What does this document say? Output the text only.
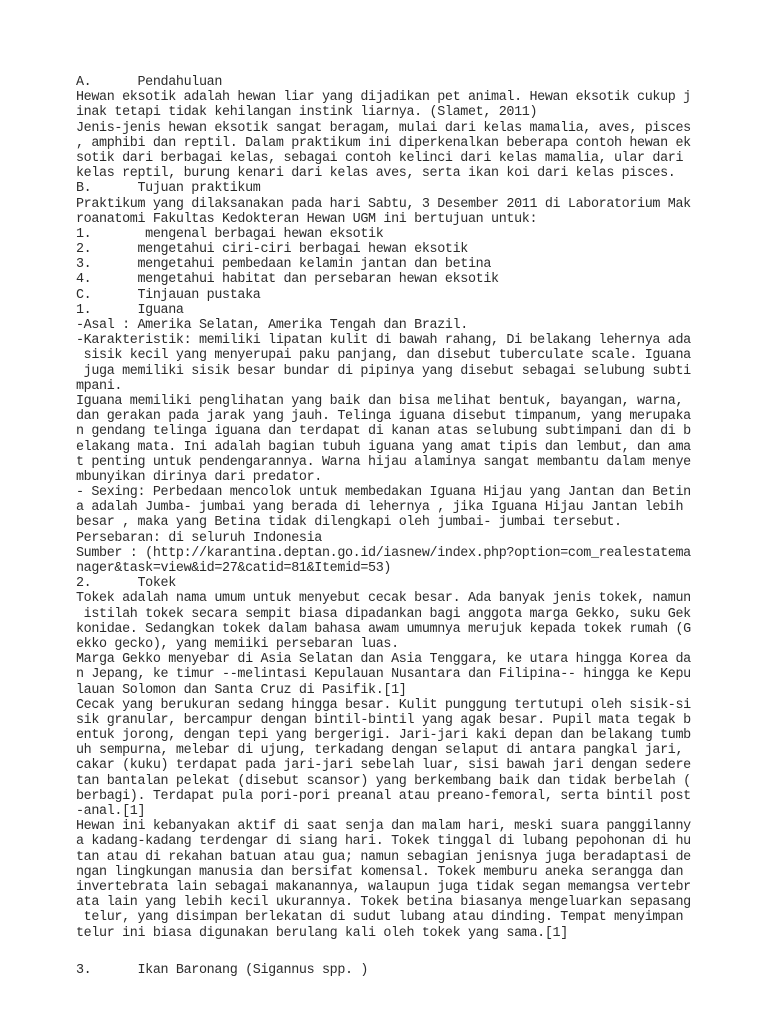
A.      Pendahuluan
Hewan eksotik adalah hewan liar yang dijadikan pet animal. Hewan eksotik cukup j
inak tetapi tidak kehilangan instink liarnya. (Slamet, 2011)
Jenis-jenis hewan eksotik sangat beragam, mulai dari kelas mamalia, aves, pisces
, amphibi dan reptil. Dalam praktikum ini diperkenalkan beberapa contoh hewan ek
sotik dari berbagai kelas, sebagai contoh kelinci dari kelas mamalia, ular dari
kelas reptil, burung kenari dari kelas aves, serta ikan koi dari kelas pisces.
B.      Tujuan praktikum
Praktikum yang dilaksanakan pada hari Sabtu, 3 Desember 2011 di Laboratorium Mak
roanatomi Fakultas Kedokteran Hewan UGM ini bertujuan untuk:
1.       mengenal berbagai hewan eksotik
2.      mengetahui ciri-ciri berbagai hewan eksotik
3.      mengetahui pembedaan kelamin jantan dan betina
4.      mengetahui habitat dan persebaran hewan eksotik
C.      Tinjauan pustaka
1.      Iguana
-Asal : Amerika Selatan, Amerika Tengah dan Brazil.
-Karakteristik: memiliki lipatan kulit di bawah rahang, Di belakang lehernya ada
sisik kecil yang menyerupai paku panjang, dan disebut tuberculate scale. Iguana
juga memiliki sisik besar bundar di pipinya yang disebut sebagai selubung subti
mpani.
Iguana memiliki penglihatan yang baik dan bisa melihat bentuk, bayangan, warna,
dan gerakan pada jarak yang jauh. Telinga iguana disebut timpanum, yang merupaka
n gendang telinga iguana dan terdapat di kanan atas selubung subtimpani dan di b
elakang mata. Ini adalah bagian tubuh iguana yang amat tipis dan lembut, dan ama
t penting untuk pendengarannya. Warna hijau alaminya sangat membantu dalam menye
mbunyikan dirinya dari predator.
- Sexing: Perbedaan mencolok untuk membedakan Iguana Hijau yang Jantan dan Betin
a adalah Jumba- jumbai yang berada di lehernya , jika Iguana Hijau Jantan lebih
besar , maka yang Betina tidak dilengkapi oleh jumbai- jumbai tersebut.
Persebaran: di seluruh Indonesia
Sumber : (http://karantina.deptan.go.id/iasnew/index.php?option=com_realestatema
nager&task=view&id=27&catid=81&Itemid=53)
2.      Tokek
Tokek adalah nama umum untuk menyebut cecak besar. Ada banyak jenis tokek, namun
istilah tokek secara sempit biasa dipadankan bagi anggota marga Gekko, suku Gek
konidae. Sedangkan tokek dalam bahasa awam umumnya merujuk kepada tokek rumah (G
ekko gecko), yang memiiki persebaran luas.
Marga Gekko menyebar di Asia Selatan dan Asia Tenggara, ke utara hingga Korea da
n Jepang, ke timur --melintasi Kepulauan Nusantara dan Filipina-- hingga ke Kepu
lauan Solomon dan Santa Cruz di Pasifik.[1]
Cecak yang berukuran sedang hingga besar. Kulit punggung tertutupi oleh sisik-si
sik granular, bercampur dengan bintil-bintil yang agak besar. Pupil mata tegak b
entuk jorong, dengan tepi yang bergerigi. Jari-jari kaki depan dan belakang tumb
uh sempurna, melebar di ujung, terkadang dengan selaput di antara pangkal jari,
cakar (kuku) terdapat pada jari-jari sebelah luar, sisi bawah jari dengan sedere
tan bantalan pelekat (disebut scansor) yang berkembang baik dan tidak berbelah (
berbagi). Terdapat pula pori-pori preanal atau preano-femoral, serta bintil post
-anal.[1]
Hewan ini kebanyakan aktif di saat senja dan malam hari, meski suara panggilanny
a kadang-kadang terdengar di siang hari. Tokek tinggal di lubang pepohonan di hu
tan atau di rekahan batuan atau gua; namun sebagian jenisnya juga beradaptasi de
ngan lingkungan manusia dan bersifat komensal. Tokek memburu aneka serangga dan
invertebrata lain sebagai makanannya, walaupun juga tidak segan memangsa vertebr
ata lain yang lebih kecil ukurannya. Tokek betina biasanya mengeluarkan sepasang
telur, yang disimpan berlekatan di sudut lubang atau dinding. Tempat menyimpan
telur ini biasa digunakan berulang kali oleh tokek yang sama.[1]
3.      Ikan Baronang (Sigannus spp. )
